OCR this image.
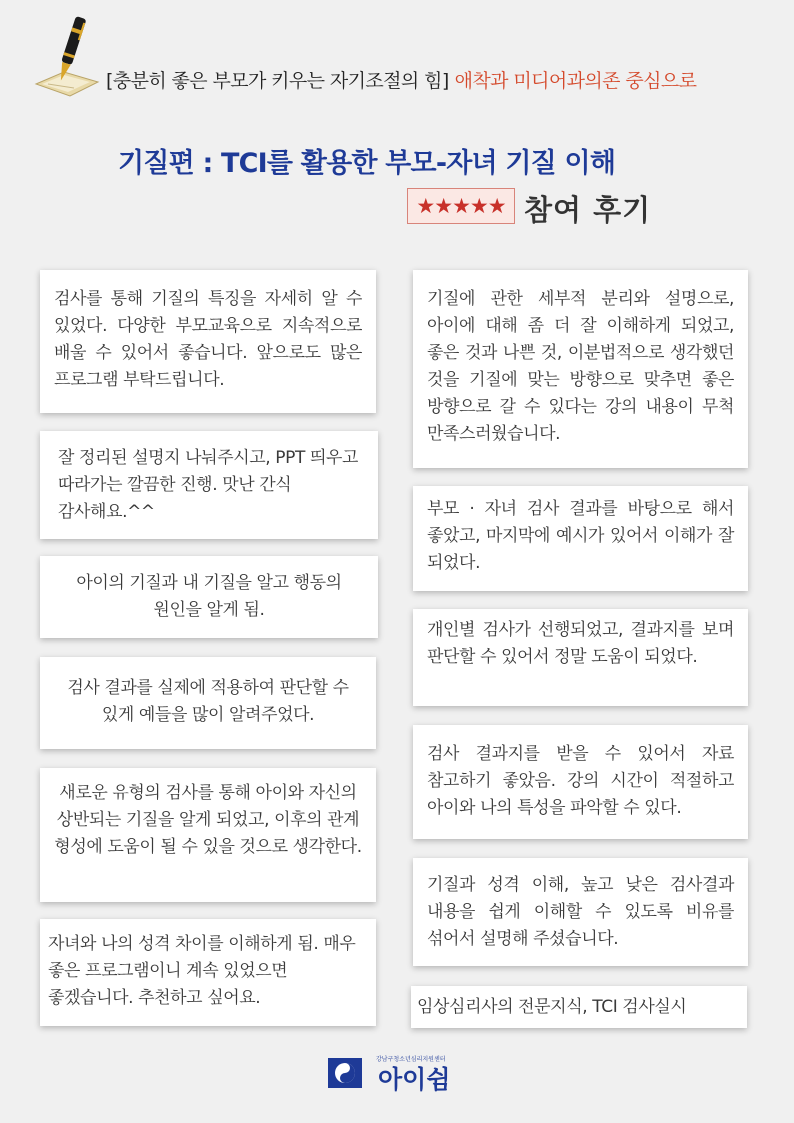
[충분히 좋은 부모가 키우는 자기조절의 힘] 애착과 미디어과의존 중심으로
기질편 : TCI를 활용한 부모-자녀 기질 이해
★★★★★ 참여 후기
검사를 통해 기질의 특징을 자세히 알 수 있었다. 다양한 부모교육으로 지속적으로 배울 수 있어서 좋습니다. 앞으로도 많은 프로그램 부탁드립니다.
잘 정리된 설명지 나눠주시고, PPT 띄우고 따라가는 깔끔한 진행. 맛난 간식 감사해요.^^
아이의 기질과 내 기질을 알고 행동의 원인을 알게 됨.
검사 결과를 실제에 적용하여 판단할 수 있게 예들을 많이 알려주었다.
새로운 유형의 검사를 통해 아이와 자신의 상반되는 기질을 알게 되었고, 이후의 관계 형성에 도움이 될 수 있을 것으로 생각한다.
자녀와 나의 성격 차이를 이해하게 됨. 매우 좋은 프로그램이니 계속 있었으면 좋겠습니다. 추천하고 싶어요.
기질에 관한 세부적 분리와 설명으로, 아이에 대해 좀 더 잘 이해하게 되었고, 좋은 것과 나쁜 것, 이분법적으로 생각했던 것을 기질에 맞는 방향으로 맞추면 좋은 방향으로 갈 수 있다는 강의 내용이 무척 만족스러웠습니다.
부모 · 자녀 검사 결과를 바탕으로 해서 좋았고, 마지막에 예시가 있어서 이해가 잘 되었다.
개인별 검사가 선행되었고, 결과지를 보며 판단할 수 있어서 정말 도움이 되었다.
검사 결과지를 받을 수 있어서 자료 참고하기 좋았음. 강의 시간이 적절하고 아이와 나의 특성을 파악할 수 있다.
기질과 성격 이해, 높고 낮은 검사결과 내용을 쉽게 이해할 수 있도록 비유를 섞어서 설명해 주셨습니다.
임상심리사의 전문지식, TCI 검사실시
강남구청소년심리지원센터
아이쉼
